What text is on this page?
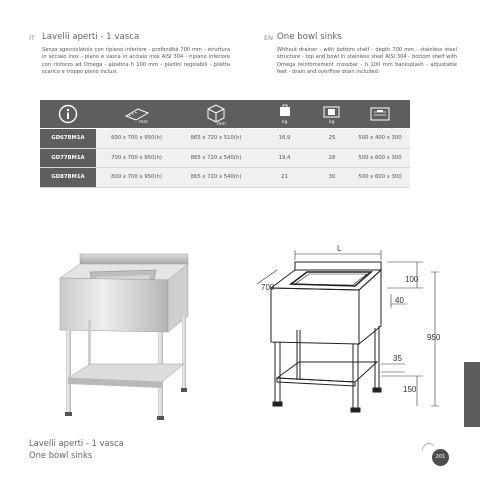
IT Lavelli aperti - 1 vasca
Senza sgocciolatoio con ripiano inferiore - profondità 700 mm - struttura in acciaio inox - piano e vasca in acciaio inox AISI 304 - ripiano inferiore con rinforzo ad Omega - alzatina h 100 mm - piedini regolabili - piletta scarico e troppo pieno inclusi.
EN One bowl sinks
Without drainer - with bottom shelf - depth 700 mm - stainless steel structure - top and bowl in stainless steel AISI 304 - bottom shelf with Omega reinforcement crossbar - h 100 mm backsplash - adjustable feet - drain and overflow drain included.

mm	mm	kg	kg

GD67BM1A	600 x 700 x 950(h)	865 x 720 x 510(h)	16,9	25	500 x 400 x 300
GD77BM1A	700 x 700 x 950(h)	865 x 720 x 540(h)	19,4	28	500 x 600 x 300
GD87BM1A	800 x 700 x 950(h)	865 x 720 x 540(h)	21	30	500 x 600 x 300
L
700
100
40
950
35
150
Lavelli aperti - 1 vasca
One bowl sinks	201
